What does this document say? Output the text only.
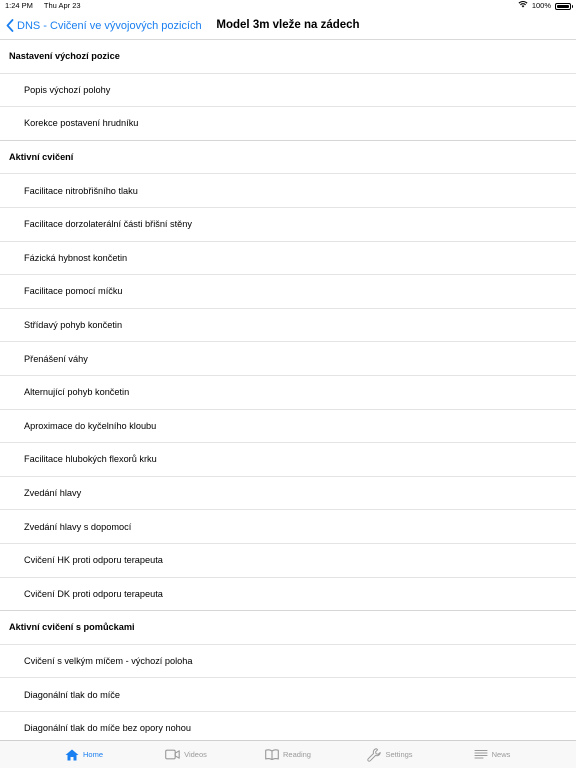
1:24 PM Thu Apr 23	100%
DNS - Cvičení ve vývojových pozicích	Model 3m vleže na zádech
Nastavení výchozí pozice
Popis výchozí polohy
Korekce postavení hrudníku
Aktivní cvičení
Facilitace nitrobřišního tlaku
Facilitace dorzolaterální části břišní stěny
Fázická hybnost končetin
Facilitace pomocí míčku
Střídavý pohyb končetin
Přenášení váhy
Alternující pohyb končetin
Aproximace do kyčelního kloubu
Facilitace hlubokých flexorů krku
Zvedání hlavy
Zvedání hlavy s dopomocí
Cvičení HK proti odporu terapeuta
Cvičení DK proti odporu terapeuta
Aktivní cvičení s pomůckami
Cvičení s velkým míčem - výchozí poloha
Diagonální tlak do míče
Diagonální tlak do míče bez opory nohou
Home	Videos	Reading	Settings	News
